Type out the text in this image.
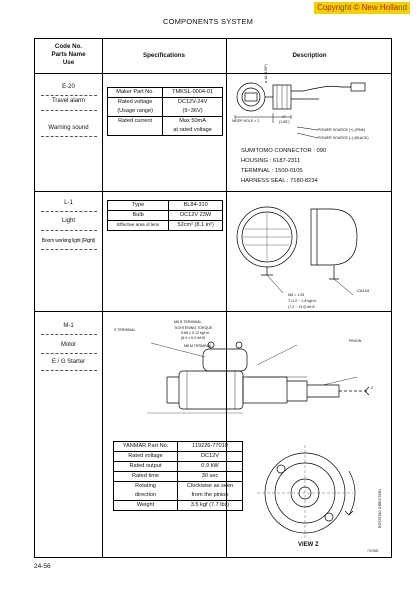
Copyright © New Holland
COMPONENTS SYSTEM
Code No.
Parts Name
Use
Specifications	Description
E-20
Travel alarm
Warning sound
Maker Part No.	TMKSL-0004-01
Rated voltage	DC12V-24V
(Usage range)	(9~36V)
Rated current	Max 50mA
	at rated voltage
ø 48 (1.89")
WEEP HOLE × 2
47
(1.85")
POWER SOURCE (+) (PINK)
POWER SOURCE (–) (BLACK)
SUMITOMO CONNECTOR : 090
HOUSING : 6187-2311
TERMINAL : 1500-0105
HARNESS SEAL : 7180-8234
L-1
Light
Boom working light (Right)
Type	BL84-310
Bulb	DC12V 23W
Effective area of lens	52cm² (8.1 in²)
M8 × 1.25
T=1.0 ~ 1.8 kgf·m
(7.2 ~ 13.0) lbf·ft
CA104
M-1
Motor
E / G Starter
S TERMINAL
M8 B TERMINAL
TIGHTENING TORQUE
5.88 ± 0.12 kgf·m
(6.4 ± 0.9 lbf·ft)
M8 M TERMINAL
PINION
Z
YANMAR Part No.	119226-77010
Rated voltage	DC12V
Rated output	0.9 kW
Rated time	30 sec
Rotating	Clockwise as seen
direction	from the pinion
Weight	3.5 kgf (7.7 lbs)	ROTATING DIRECTION
VIEW Z
7S2565
24-56
